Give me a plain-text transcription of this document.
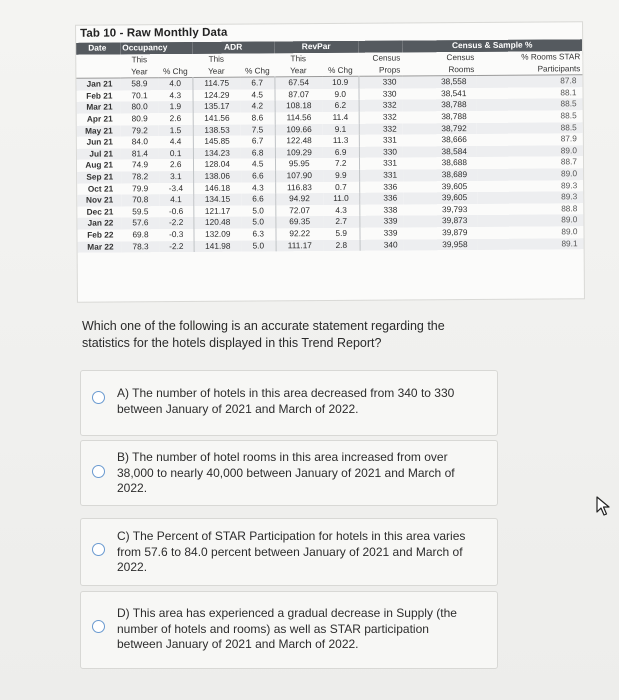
Tab 10 - Raw Monthly Data
Date	Occupancy		ADR		RevPar			Census & Sample %	
	This		This		This		Census	Census	% Rooms STAR
	Year	% Chg	Year	% Chg	Year	% Chg	Props	Rooms	Participants
Jan 21	58.9	4.0	114.75	6.7	67.54	10.9	330	38,558	87.8
Feb 21	70.1	4.3	124.29	4.5	87.07	9.0	330	38,541	88.1
Mar 21	80.0	1.9	135.17	4.2	108.18	6.2	332	38,788	88.5
Apr 21	80.9	2.6	141.56	8.6	114.56	11.4	332	38,788	88.5
May 21	79.2	1.5	138.53	7.5	109.66	9.1	332	38,792	88.5
Jun 21	84.0	4.4	145.85	6.7	122.48	11.3	331	38,666	87.9
Jul 21	81.4	0.1	134.23	6.8	109.29	6.9	330	38,584	89.0
Aug 21	74.9	2.6	128.04	4.5	95.95	7.2	331	38,688	88.7
Sep 21	78.2	3.1	138.06	6.6	107.90	9.9	331	38,689	89.0
Oct 21	79.9	-3.4	146.18	4.3	116.83	0.7	336	39,605	89.3
Nov 21	70.8	4.1	134.15	6.6	94.92	11.0	336	39,605	89.3
Dec 21	59.5	-0.6	121.17	5.0	72.07	4.3	338	39,793	88.8
Jan 22	57.6	-2.2	120.48	5.0	69.35	2.7	339	39,873	89.0
Feb 22	69.8	-0.3	132.09	6.3	92.22	5.9	339	39,879	89.0
Mar 22	78.3	-2.2	141.98	5.0	111.17	2.8	340	39,958	89.1
Which one of the following is an accurate statement regarding the statistics for the hotels displayed in this Trend Report?
A) The number of hotels in this area decreased from 340 to 330 between January of 2021 and March of 2022.
B) The number of hotel rooms in this area increased from over 38,000 to nearly 40,000 between January of 2021 and March of 2022.
C) The Percent of STAR Participation for hotels in this area varies from 57.6 to 84.0 percent between January of 2021 and March of 2022.
D) This area has experienced a gradual decrease in Supply (the number of hotels and rooms) as well as STAR participation between January of 2021 and March of 2022.
